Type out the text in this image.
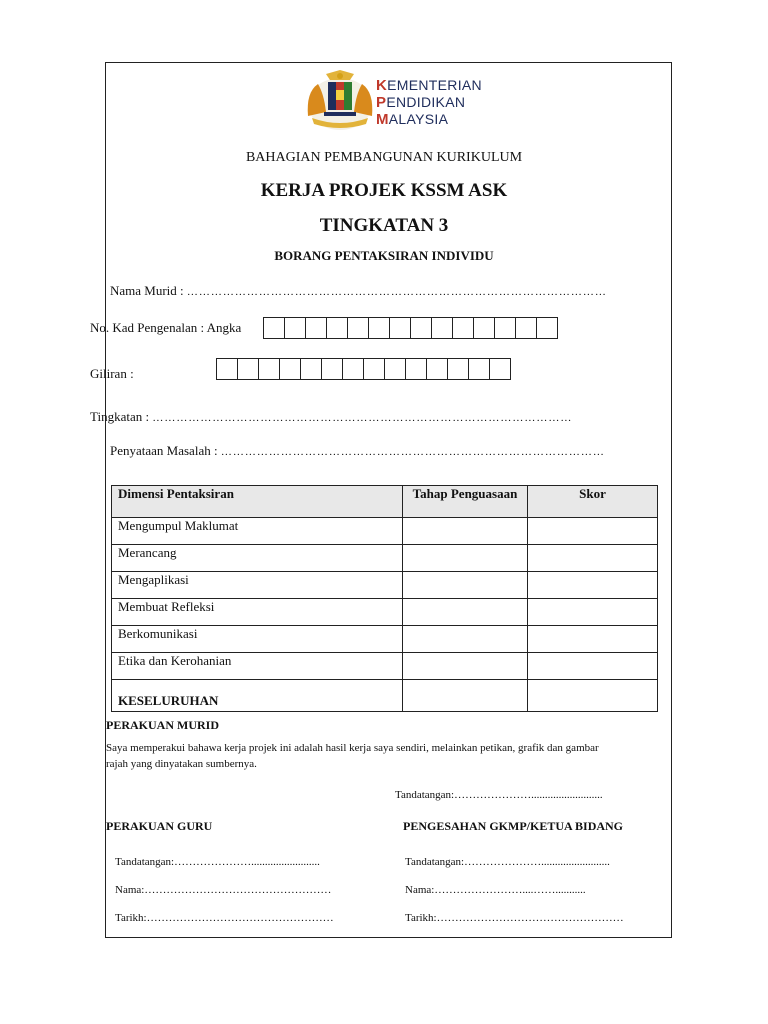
KEMENTERIAN
PENDIDIKAN
MALAYSIA
BAHAGIAN PEMBANGUNAN KURIKULUM
KERJA PROJEK KSSM ASK
TINGKATAN 3
BORANG PENTAKSIRAN INDIVIDU
Nama Murid : ……………………………………………………………………………………………
No. Kad Pengenalan : Angka
Giliran :
Tingkatan : ……………………………………………………………………………………………
Penyataan Masalah : ……………………………………………………………………………………
Dimensi Pentaksiran	Tahap Penguasaan	Skor
Mengumpul Maklumat		
Merancang		
Mengaplikasi		
Membuat Refleksi		
Berkomunikasi		
Etika dan Kerohanian		
KESELURUHAN		
PERAKUAN MURID
Saya memperakui bahawa kerja projek ini adalah hasil kerja saya sendiri, melainkan petikan, grafik dan gambar
rajah yang dinyatakan sumbernya.
Tandatangan:…………………..........................
PERAKUAN GURU
Tandatangan:………………….........................
Nama:……………………………………………
Tarikh:……………………………………………
PENGESAHAN GKMP/KETUA BIDANG
Tandatangan:………………….........................
Nama:……………………....……...........
Tarikh:……………………………………………
